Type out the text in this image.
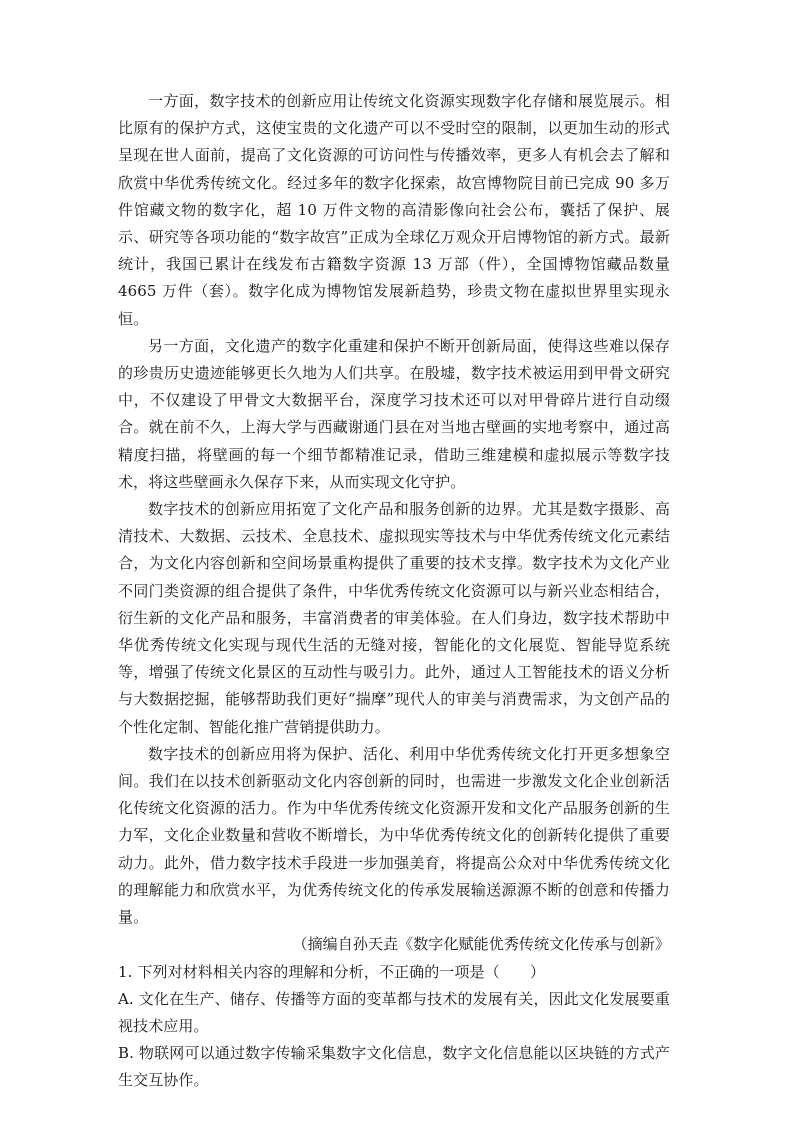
一方面，数字技术的创新应用让传统文化资源实现数字化存储和展览展示。相比原有的保护方式，这使宝贵的文化遗产可以不受时空的限制，以更加生动的形式呈现在世人面前，提高了文化资源的可访问性与传播效率，更多人有机会去了解和欣赏中华优秀传统文化。经过多年的数字化探索，故宫博物院目前已完成 90 多万件馆藏文物的数字化，超 10 万件文物的高清影像向社会公布，囊括了保护、展示、研究等各项功能的“数字故宫”正成为全球亿万观众开启博物馆的新方式。最新统计，我国已累计在线发布古籍数字资源 13 万部（件），全国博物馆藏品数量 4665 万件（套）。数字化成为博物馆发展新趋势，珍贵文物在虚拟世界里实现永恒。

另一方面，文化遗产的数字化重建和保护不断开创新局面，使得这些难以保存的珍贵历史遗迹能够更长久地为人们共享。在殷墟，数字技术被运用到甲骨文研究中，不仅建设了甲骨文大数据平台，深度学习技术还可以对甲骨碎片进行自动缀合。就在前不久，上海大学与西藏谢通门县在对当地古壁画的实地考察中，通过高精度扫描，将壁画的每一个细节都精准记录，借助三维建模和虚拟展示等数字技术，将这些壁画永久保存下来，从而实现文化守护。

数字技术的创新应用拓宽了文化产品和服务创新的边界。尤其是数字摄影、高清技术、大数据、云技术、全息技术、虚拟现实等技术与中华优秀传统文化元素结合，为文化内容创新和空间场景重构提供了重要的技术支撑。数字技术为文化产业不同门类资源的组合提供了条件，中华优秀传统文化资源可以与新兴业态相结合，衍生新的文化产品和服务，丰富消费者的审美体验。在人们身边，数字技术帮助中华优秀传统文化实现与现代生活的无缝对接，智能化的文化展览、智能导览系统等，增强了传统文化景区的互动性与吸引力。此外，通过人工智能技术的语义分析与大数据挖掘，能够帮助我们更好“揣摩”现代人的审美与消费需求，为文创产品的个性化定制、智能化推广营销提供助力。

数字技术的创新应用将为保护、活化、利用中华优秀传统文化打开更多想象空间。我们在以技术创新驱动文化内容创新的同时，也需进一步激发文化企业创新活化传统文化资源的活力。作为中华优秀传统文化资源开发和文化产品服务创新的生力军，文化企业数量和营收不断增长，为中华优秀传统文化的创新转化提供了重要动力。此外，借力数字技术手段进一步加强美育，将提高公众对中华优秀传统文化的理解能力和欣赏水平，为优秀传统文化的传承发展输送源源不断的创意和传播力量。

（摘编自孙天垚《数字化赋能优秀传统文化传承与创新》

1. 下列对材料相关内容的理解和分析，不正确的一项是（　　）

A. 文化在生产、储存、传播等方面的变革都与技术的发展有关，因此文化发展要重视技术应用。

B. 物联网可以通过数字传输采集数字文化信息，数字文化信息能以区块链的方式产生交互协作。
